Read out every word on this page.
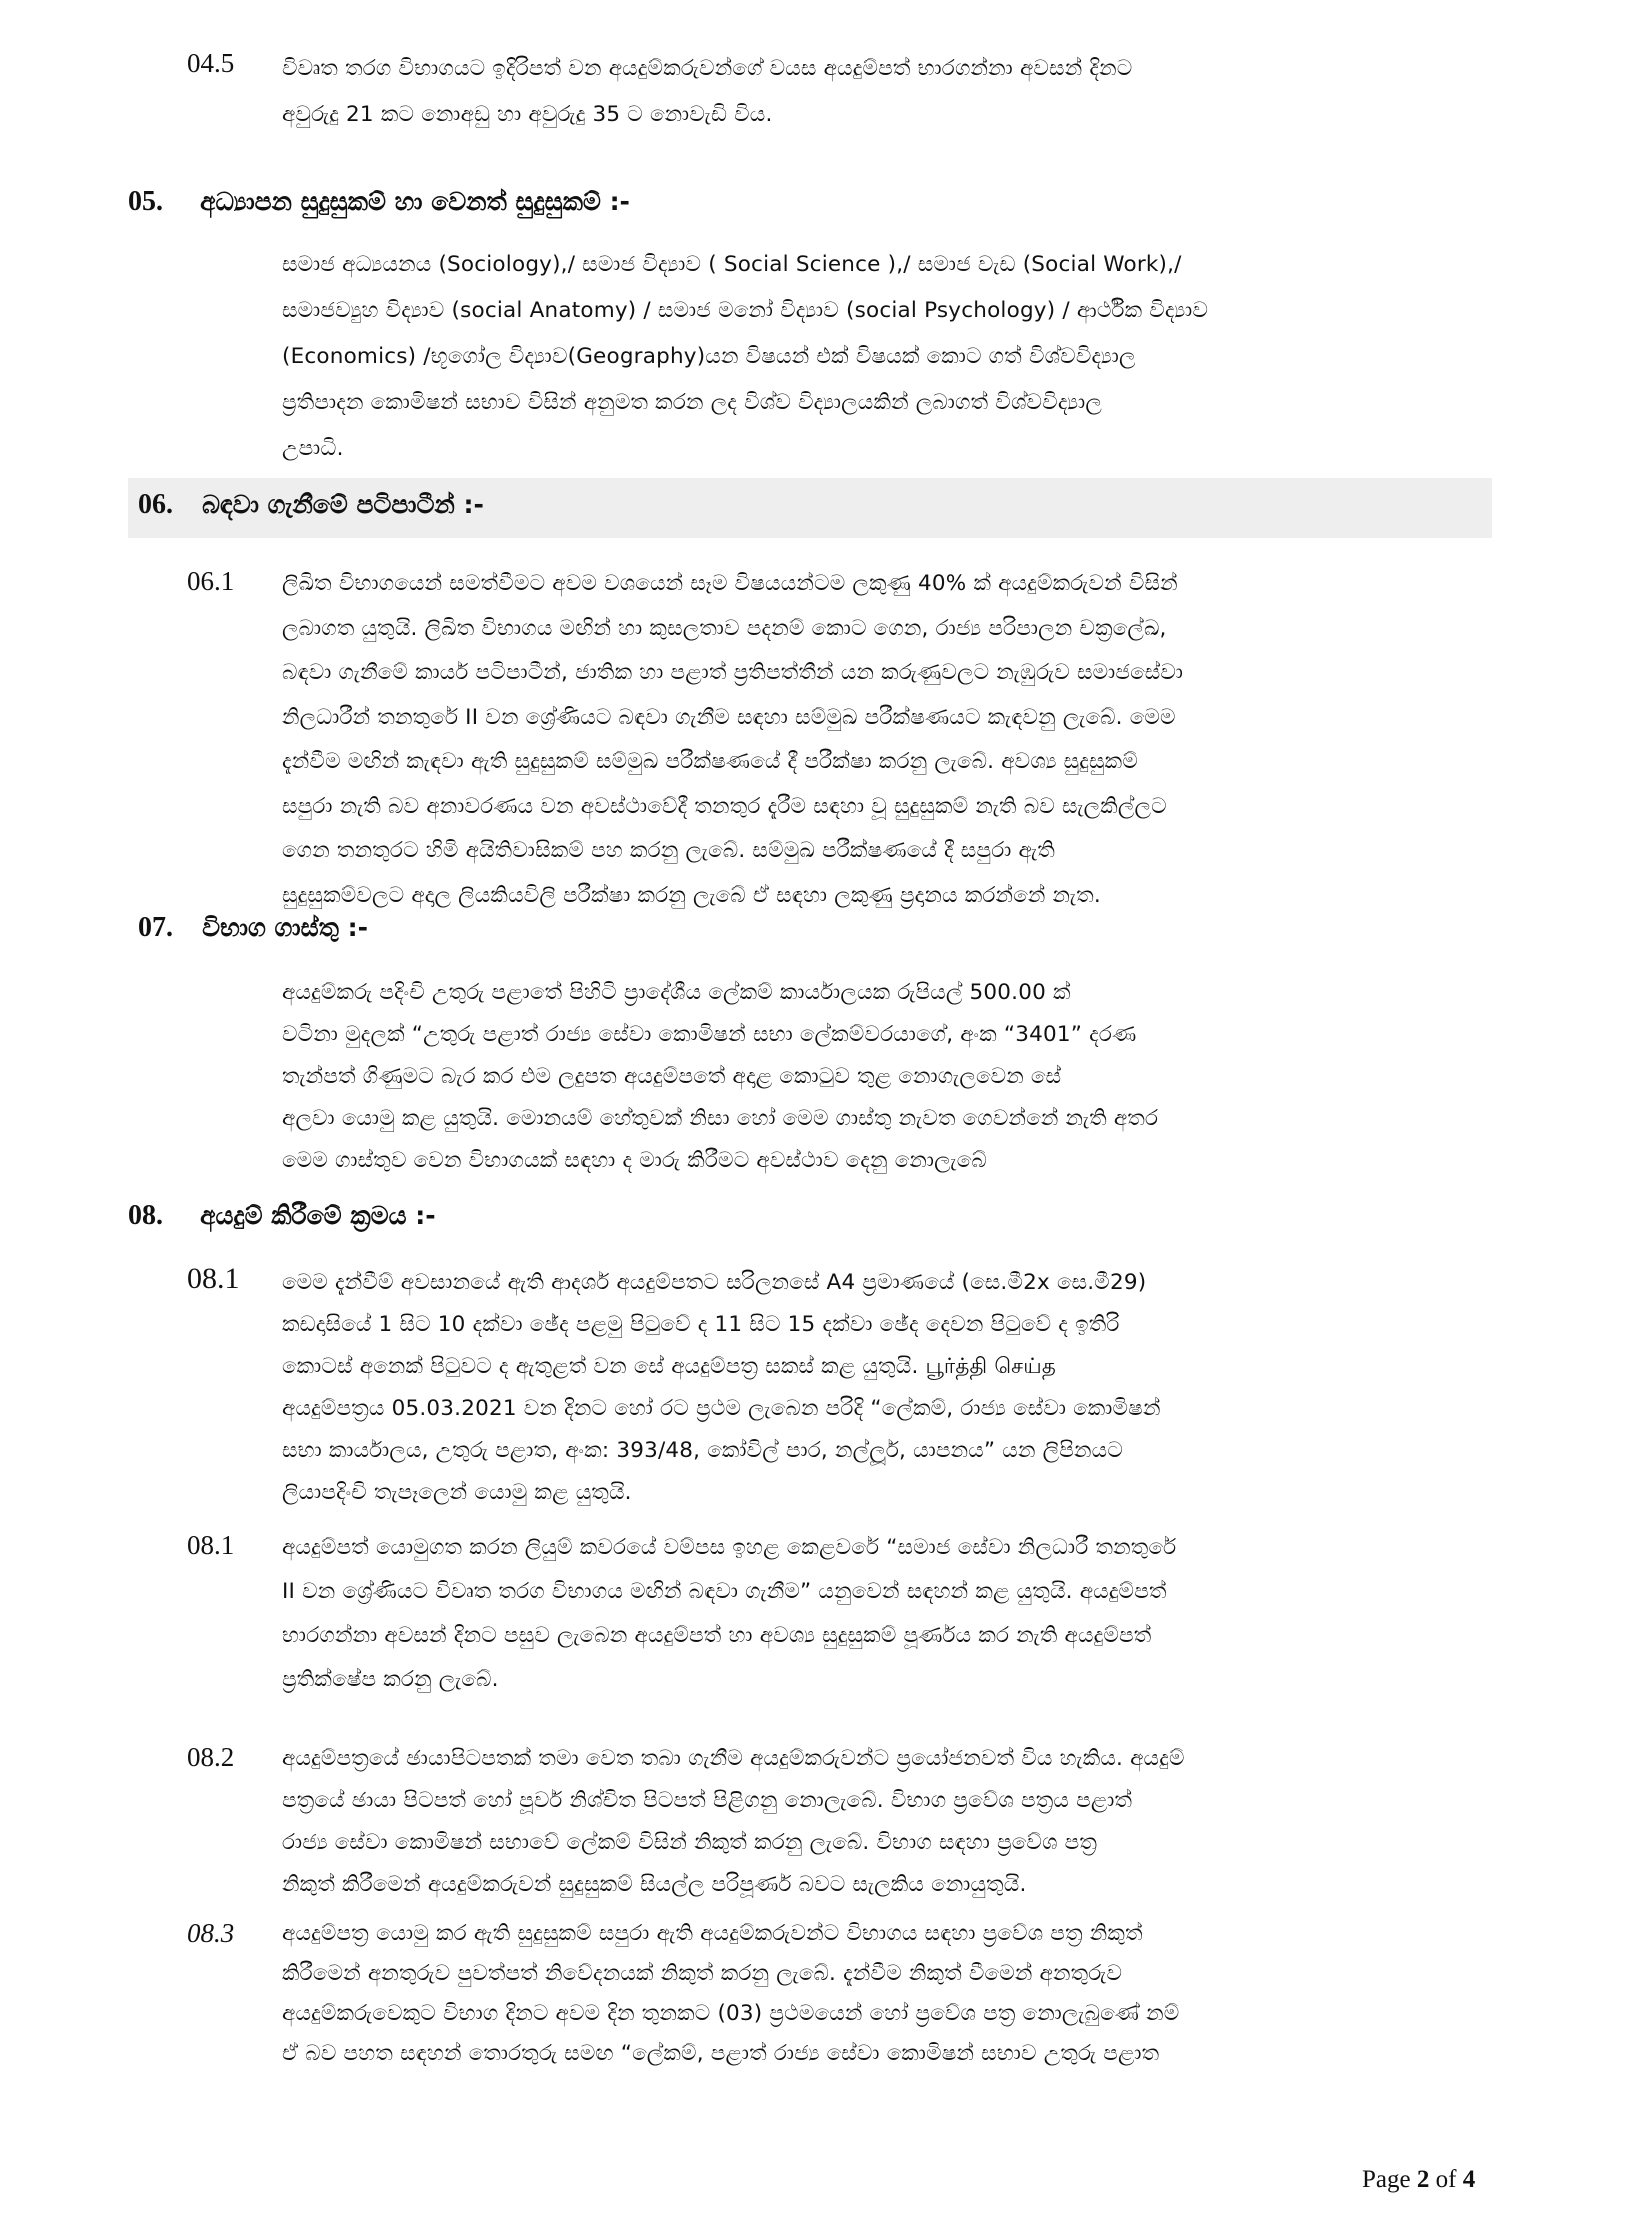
04.5 විවෘත තරග විභාගයට ඉදිරිපත් වන අයදුම්කරුවන්ගේ වයස අයදුම්පත් භාරගන්නා අවසන් දිනට
අවුරුදු 21 කට නොඅඩු හා අවුරුදු 35 ට නොවැඩි විය.
05. අධ්‍යාපන සුදුසුකම් හා වෙනත් සුදුසුකම් :-
සමාජ අධ්‍යයනය (Sociology),/ සමාජ විද්‍යාව ( Social Science ),/ සමාජ වැඩ (Social Work),/
සමාජව්‍යුහ විද්‍යාව (social Anatomy) / සමාජ මනෝ විද්‍යාව (social Psychology) / ආර්ථික විද්‍යාව
(Economics) /භූගෝල විද්‍යාව(Geography)යන විෂයන් එක් විෂයක් කොට ගත් විශ්වවිද්‍යාල
ප්‍රතිපාදන කොමිෂන් සභාව විසින් අනුමත කරන ලද විශ්ව විද්‍යාලයකින් ලබාගත් විශ්වවිද්‍යාල
උපාධි.
06. බඳවා ගැනීමේ පටිපාටීන් :-
06.1 ලිඛිත විභාගයෙන් සමත්වීමට අවම වශයෙන් සෑම විෂයයන්ටම ලකුණු 40% ක් අයදුම්කරුවන් විසින්
ලබාගත යුතුයි. ලිඛිත විභාගය මඟින් හා කුසලතාව පදනම් කොට ගෙන, රාජ්‍ය පරිපාලන චක්‍රලේඛ,
බඳවා ගැනීමේ කාර්ය පටිපාටීන්, ජාතික හා පළාත් ප්‍රතිපත්තීන් යන කරුණුවලට නැඹුරුව සමාජසේවා
නිලධාරීන් තනතුරේ II වන ශ්‍රේණියට බඳවා ගැනීම සඳහා සම්මුඛ පරීක්ෂණයට කැඳවනු ලැබේ. මෙම
දැන්වීම මඟින් කැඳවා ඇති සුදුසුකම් සම්මුඛ පරීක්ෂණයේ දී පරීක්ෂා කරනු ලැබේ. අවශ්‍ය සුදුසුකම්
සපුරා නැති බව අනාවරණය වන අවස්ථාවේදී තනතුර දැරීම සඳහා වූ සුදුසුකම් නැති බව සැලකිල්ලට
ගෙන තනතුරට හිමි අයිතිවාසිකම් පහ කරනු ලැබේ. සම්මුඛ පරීක්ෂණයේ දී සපුරා ඇති
සුදුසුකම්වලට අදාල ලියකියවිලි පරීක්ෂා කරනු ලැබේ ඒ සඳහා ලකුණු ප්‍රදානය කරන්නේ නැත.
07. විභාග ගාස්තු :-
අයදුම්කරු පදිංචි උතුරු පළාතේ පිහිටි ප්‍රාදේශීය ලේකම් කාර්යාලයක රුපියල් 500.00 ක්
වටිනා මුදලක් “උතුරු පළාත් රාජ්‍ය සේවා කොමිෂන් සභා ලේකම්වරයාගේ, අංක “3401” දරණ
තැන්පත් ගිණුමට බැර කර එම ලදුපත අයදුම්පතේ අදාළ කොටුව තුළ නොගැලවෙන සේ
අලවා යොමු කළ යුතුයි. මොනයම් හේතුවක් නිසා හෝ මෙම ගාස්තු නැවත ගෙවන්නේ නැති අතර
මෙම ගාස්තුව වෙන විභාගයක් සඳහා ද මාරු කිරීමට අවස්ථාව දෙනු නොලැබේ
08. අයදුම් කිරීමේ ක්‍රමය :-
08.1 මෙම දැන්වීම් අවසානයේ ඇති ආදර්ශ අයදුම්පතට සරිලනසේ A4 ප්‍රමාණයේ (සෙ.මී2x සෙ.මී29)
කඩදාසියේ 1 සිට 10 දක්වා ඡේද පළමු පිටුවේ ද 11 සිට 15 දක්වා ඡේද දෙවන පිටුවේ ද ඉතිරි
කොටස් අනෙක් පිටුවට ද ඇතුළත් වන සේ අයදුම්පත්‍ර සකස් කළ යුතුයි. பூர்த்தி செய்த
අයදුම්පත්‍රය 05.03.2021 වන දිනට හෝ රට ප්‍රථම ලැබෙන පරිදි “ලේකම්, රාජ්‍ය සේවා කොමිෂන්
සභා කාර්යාලය, උතුරු පළාත, අංක: 393/48, කෝවිල් පාර, නල්ලූර්, යාපනය” යන ලිපිනයට
ලියාපදිංචි තැපෑලෙන් යොමු කළ යුතුයි.
08.1 අයදුම්පත් යොමුගත කරන ලියුම් කවරයේ වම්පස ඉහළ කෙළවරේ “සමාජ සේවා නිලධාරී තනතුරේ
II වන ශ්‍රේණියට විවෘත තරග විභාගය මඟින් බඳවා ගැනීම” යනුවෙන් සඳහන් කළ යුතුයි. අයදුම්පත්
භාරගන්නා අවසන් දිනට පසුව ලැබෙන අයදුම්පත් හා අවශ්‍ය සුදුසුකම් පූර්ණය කර නැති අයදුම්පත්
ප්‍රතික්ෂේප කරනු ලැබේ.
08.2 අයදුම්පත්‍රයේ ඡායාපිටපතක් තමා වෙත තබා ගැනීම අයදුම්කරුවන්ට ප්‍රයෝජනවත් විය හැකිය. අයදුම්
පත්‍රයේ ඡායා පිටපත් හෝ පූර්ව නිශ්චිත පිටපත් පිළිගනු නොලැබේ. විභාග ප්‍රවේශ පත්‍රය පළාත්
රාජ්‍ය සේවා කොමිෂන් සභාවේ ලේකම් විසින් නිකුත් කරනු ලැබේ. විභාග සඳහා ප්‍රවේශ පත්‍ර
නිකුත් කිරීමෙන් අයදුම්කරුවන් සුදුසුකම් සියල්ල පරිපූර්ණ බවට සැලකිය නොයුතුයි.
08.3 අයදුම්පත්‍ර යොමු කර ඇති සුදුසුකම් සපුරා ඇති අයදුම්කරුවන්ට විභාගය සඳහා ප්‍රවේශ පත්‍ර නිකුත්
කිරීමෙන් අනතුරුව පුවත්පත් නිවේදනයක් නිකුත් කරනු ලැබේ. දැන්වීම නිකුත් වීමෙන් අනතුරුව
අයදුම්කරුවෙකුට විභාග දිනට අවම දින තුනකට (03) ප්‍රථමයෙන් හෝ ප්‍රවේශ පත්‍ර නොලැබුණේ නම්
ඒ බව පහත සඳහන් තොරතුරු සමඟ “ලේකම්, පළාත් රාජ්‍ය සේවා කොමිෂන් සභාව උතුරු පළාත
Page 2 of 4
